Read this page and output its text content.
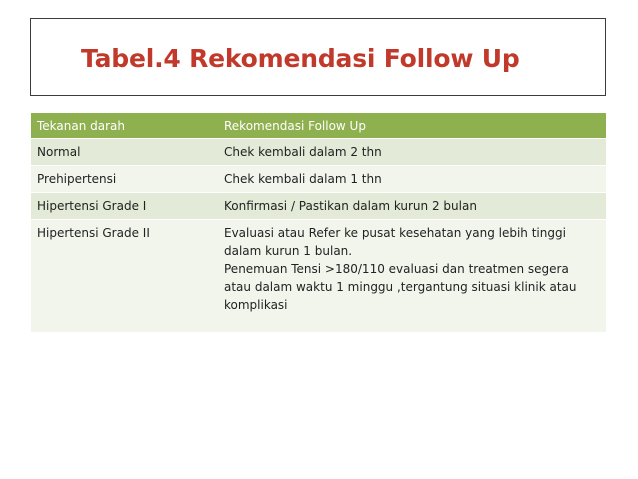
Tabel.4 Rekomendasi Follow Up
Tekanan darah	Rekomendasi Follow Up
Normal	Chek kembali dalam 2 thn

Prehipertensi	Chek kembali dalam 1 thn

Hipertensi Grade I	Konfirmasi / Pastikan dalam kurun 2 bulan

Hipertensi Grade II	Evaluasi atau Refer ke pusat kesehatan yang lebih tinggi
dalam kurun 1 bulan.
Penemuan Tensi >180/110 evaluasi dan treatmen segera
atau dalam waktu 1 minggu ,tergantung situasi klinik atau
komplikasi
